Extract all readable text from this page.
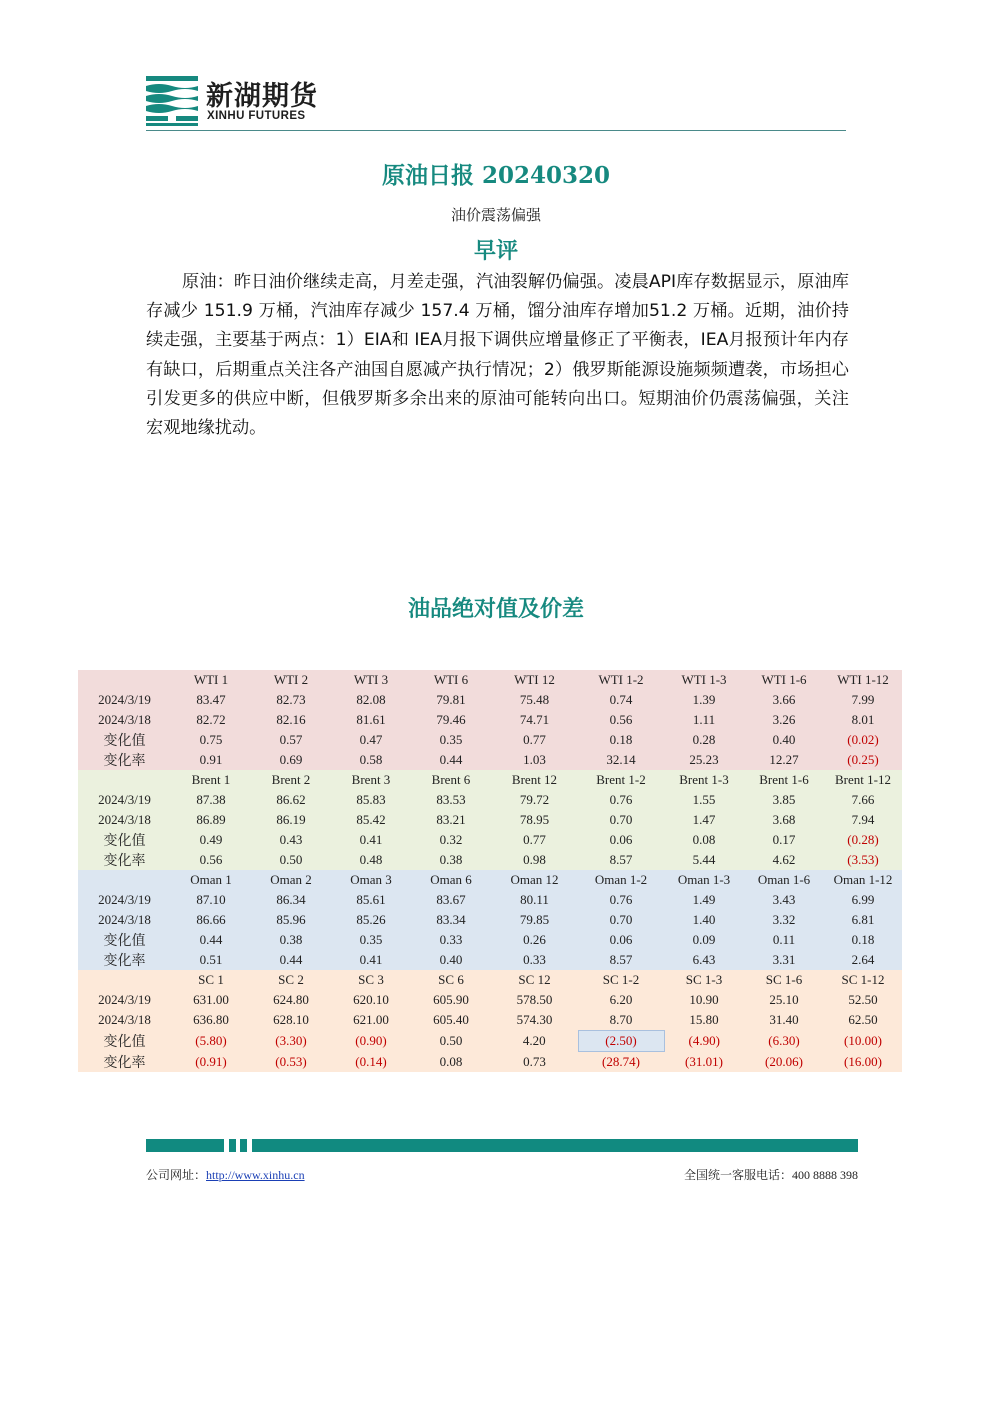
新湖期货
XINHU FUTURES
原油日报 20240320
油价震荡偏强
早评
原油：昨日油价继续走高，月差走强，汽油裂解仍偏强。凌晨API库存数据显示，原油库存减少 151.9 万桶，汽油库存减少 157.4 万桶，馏分油库存增加51.2 万桶。近期，油价持续走强，主要基于两点：1）EIA和 IEA月报下调供应增量修正了平衡表，IEA月报预计年内存有缺口，后期重点关注各产油国自愿减产执行情况；2）俄罗斯能源设施频频遭袭，市场担心引发更多的供应中断，但俄罗斯多余出来的原油可能转向出口。短期油价仍震荡偏强，关注宏观地缘扰动。
油品绝对值及价差
	WTI 1	WTI 2	WTI 3	WTI 6	WTI 12	WTI 1-2	WTI 1-3	WTI 1-6	WTI 1-12
2024/3/19	83.47	82.73	82.08	79.81	75.48	0.74	1.39	3.66	7.99
2024/3/18	82.72	82.16	81.61	79.46	74.71	0.56	1.11	3.26	8.01
变化值	0.75	0.57	0.47	0.35	0.77	0.18	0.28	0.40	(0.02)
变化率	0.91	0.69	0.58	0.44	1.03	32.14	25.23	12.27	(0.25)
	Brent 1	Brent 2	Brent 3	Brent 6	Brent 12	Brent 1-2	Brent 1-3	Brent 1-6	Brent 1-12
2024/3/19	87.38	86.62	85.83	83.53	79.72	0.76	1.55	3.85	7.66
2024/3/18	86.89	86.19	85.42	83.21	78.95	0.70	1.47	3.68	7.94
变化值	0.49	0.43	0.41	0.32	0.77	0.06	0.08	0.17	(0.28)
变化率	0.56	0.50	0.48	0.38	0.98	8.57	5.44	4.62	(3.53)
	Oman 1	Oman 2	Oman 3	Oman 6	Oman 12	Oman 1-2	Oman 1-3	Oman 1-6	Oman 1-12
2024/3/19	87.10	86.34	85.61	83.67	80.11	0.76	1.49	3.43	6.99
2024/3/18	86.66	85.96	85.26	83.34	79.85	0.70	1.40	3.32	6.81
变化值	0.44	0.38	0.35	0.33	0.26	0.06	0.09	0.11	0.18
变化率	0.51	0.44	0.41	0.40	0.33	8.57	6.43	3.31	2.64
	SC 1	SC 2	SC 3	SC 6	SC 12	SC 1-2	SC 1-3	SC 1-6	SC 1-12
2024/3/19	631.00	624.80	620.10	605.90	578.50	6.20	10.90	25.10	52.50
2024/3/18	636.80	628.10	621.00	605.40	574.30	8.70	15.80	31.40	62.50
变化值	(5.80)	(3.30)	(0.90)	0.50	4.20	(2.50)	(4.90)	(6.30)	(10.00)
变化率	(0.91)	(0.53)	(0.14)	0.08	0.73	(28.74)	(31.01)	(20.06)	(16.00)
公司网址：http://www.xinhu.cn	全国统一客服电话：400 8888 398
